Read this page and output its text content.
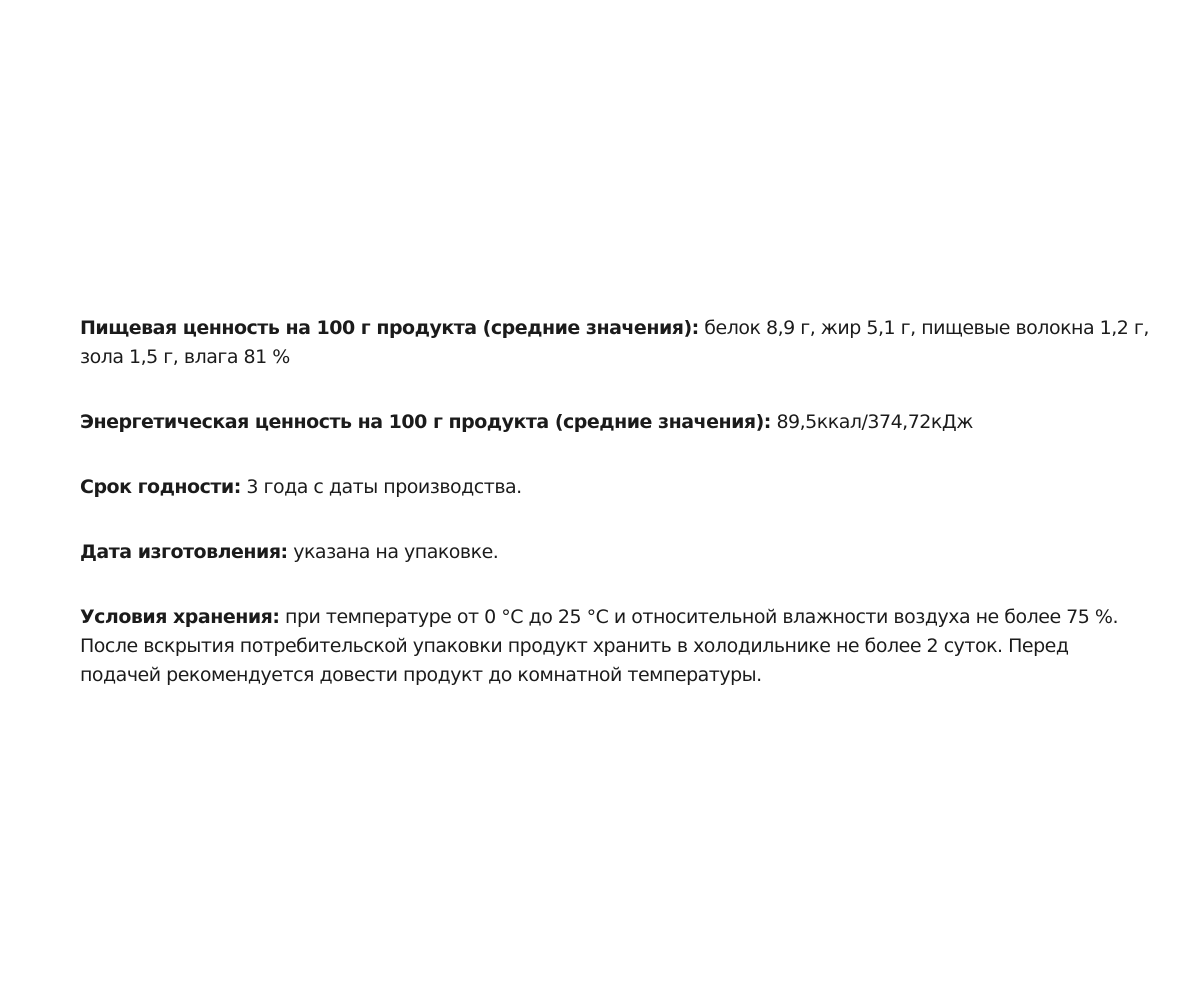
Пищевая ценность на 100 г продукта (средние значения): белок 8,9 г, жир 5,1 г, пищевые волокна 1,2 г, зола 1,5 г, влага 81 %

Энергетическая ценность на 100 г продукта (средние значения): 89,5ккал/374,72кДж

Срок годности: 3 года с даты производства.

Дата изготовления: указана на упаковке.

Условия хранения: при температуре от 0 °С до 25 °С и относительной влажности воздуха не более 75 %. После вскрытия потребительской упаковки продукт хранить в холодильнике не более 2 суток. Перед подачей рекомендуется довести продукт до комнатной температуры.
